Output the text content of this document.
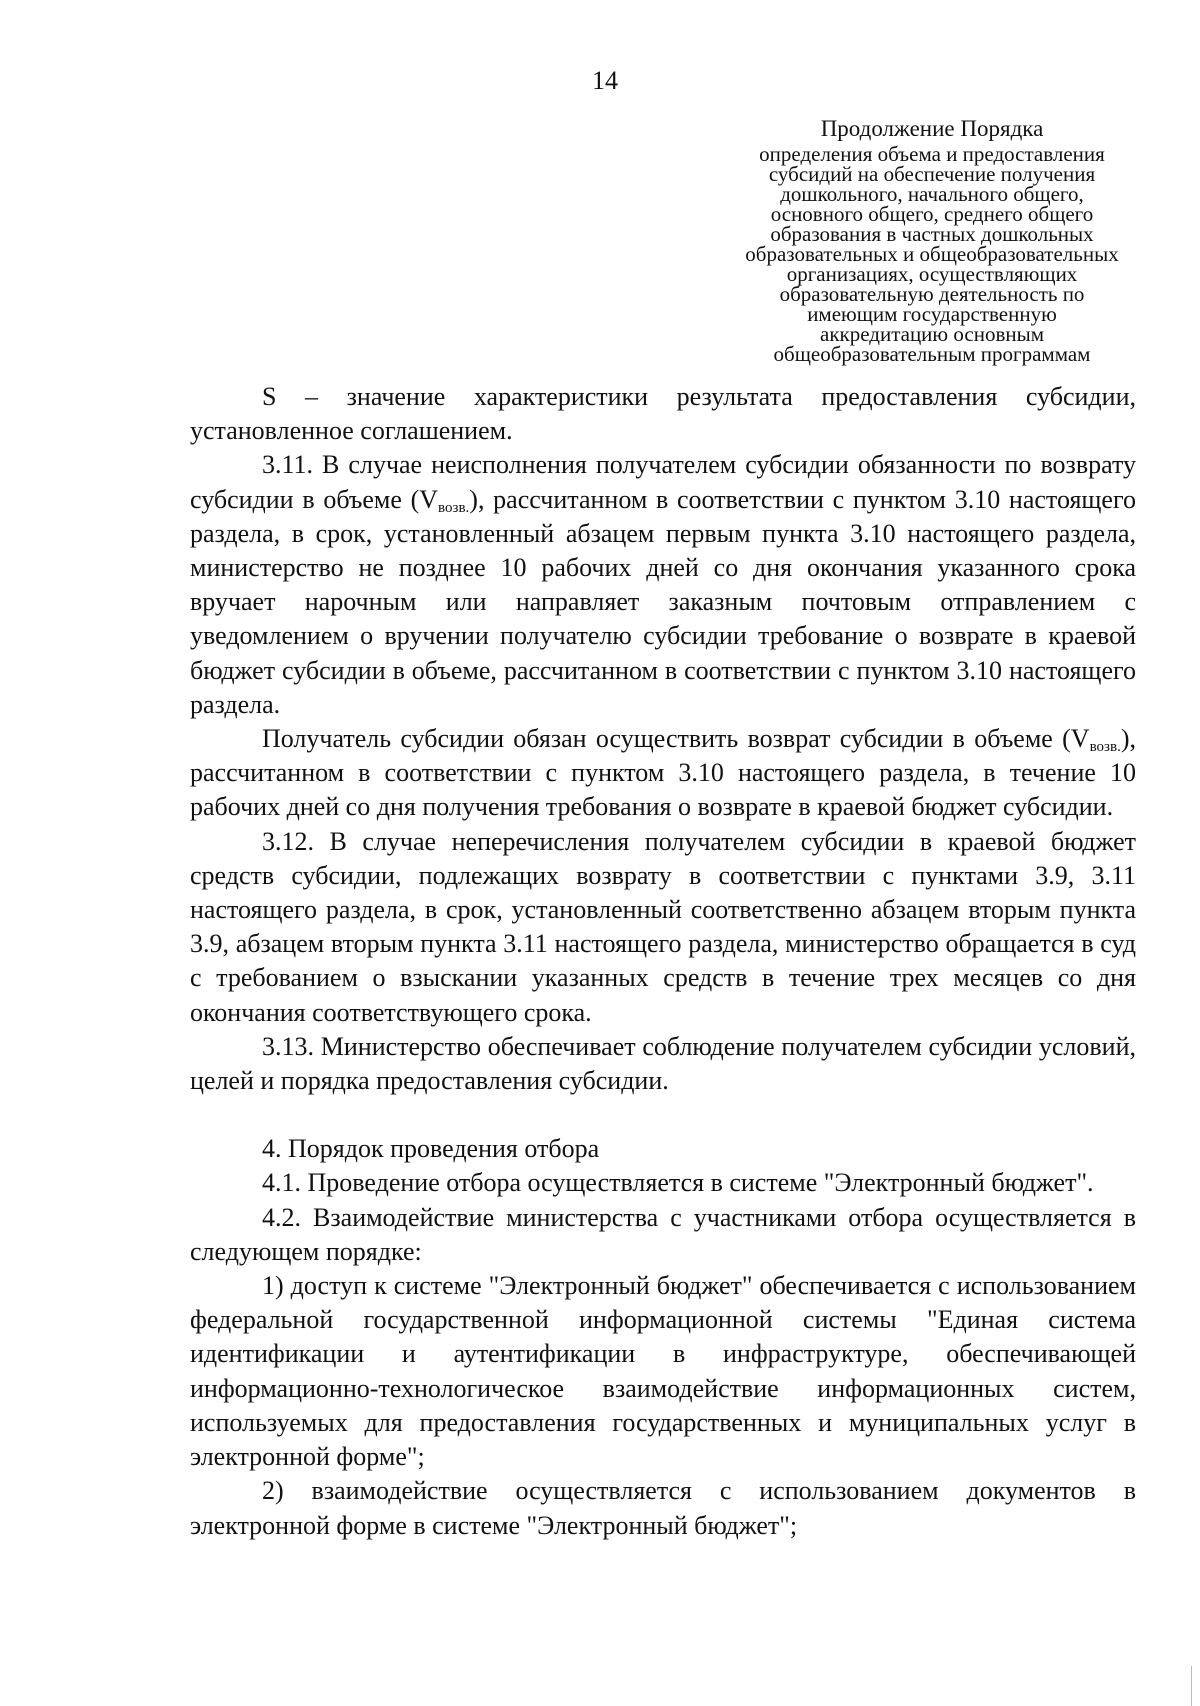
14
Продолжение Порядка
определения объема и предоставления
субсидий на обеспечение получения
дошкольного, начального общего,
основного общего, среднего общего
образования в частных дошкольных
образовательных и общеобразовательных
организациях, осуществляющих
образовательную деятельность по
имеющим государственную
аккредитацию основным
общеобразовательным программам

S – значение характеристики результата предоставления субсидии, установленное соглашением.

3.11. В случае неисполнения получателем субсидии обязанности по возврату субсидии в объеме $(V_{возв.})$, рассчитанном в соответствии с пунктом 3.10 настоящего раздела, в срок, установленный абзацем первым пункта 3.10 настоящего раздела, министерство не позднее 10 рабочих дней со дня окончания указанного срока вручает нарочным или направляет заказным почтовым отправлением с уведомлением о вручении получателю субсидии требование о возврате в краевой бюджет субсидии в объеме, рассчитанном в соответствии с пунктом 3.10 настоящего раздела.

Получатель субсидии обязан осуществить возврат субсидии в объеме $(V_{возв.})$, рассчитанном в соответствии с пунктом 3.10 настоящего раздела, в течение 10 рабочих дней со дня получения требования о возврате в краевой бюджет субсидии.

3.12. В случае неперечисления получателем субсидии в краевой бюджет средств субсидии, подлежащих возврату в соответствии с пунктами 3.9, 3.11 настоящего раздела, в срок, установленный соответственно абзацем вторым пункта 3.9, абзацем вторым пункта 3.11 настоящего раздела, министерство обращается в суд с требованием о взыскании указанных средств в течение трех месяцев со дня окончания соответствующего срока.

3.13. Министерство обеспечивает соблюдение получателем субсидии условий, целей и порядка предоставления субсидии.

4. Порядок проведения отбора

4.1. Проведение отбора осуществляется в системе "Электронный бюджет".

4.2. Взаимодействие министерства с участниками отбора осуществляется в следующем порядке:

1) доступ к системе "Электронный бюджет" обеспечивается с использованием федеральной государственной информационной системы "Единая система идентификации и аутентификации в инфраструктуре, обеспечивающей информационно-технологическое взаимодействие информационных систем, используемых для предоставления государственных и муниципальных услуг в электронной форме";

2) взаимодействие осуществляется с использованием документов в электронной форме в системе "Электронный бюджет";
